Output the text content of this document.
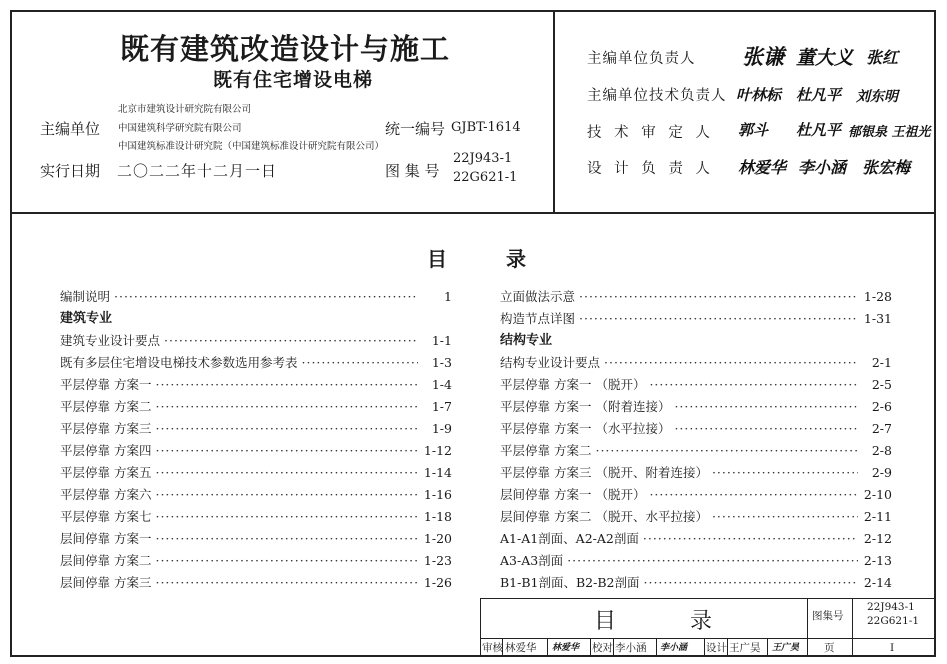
既有建筑改造设计与施工
既有住宅增设电梯
主编单位
北京市建筑设计研究院有限公司
中国建筑科学研究院有限公司
中国建筑标准设计研究院（中国建筑标准设计研究院有限公司）
实行日期 二〇二二年十二月一日
统一编号 GJBT-1614
图 集 号
22J943-1
22G621-1
主编单位负责人 张谦 董大义 张红
主编单位技术负责人 叶林标 杜凡平 刘东明
技 术 审 定 人 郭斗 杜凡平 郁银泉 王祖光
设 计 负 责 人 林爱华 李小涵 张宏梅
目	录
编制说明 ·····	1
建筑专业
建筑专业设计要点 ·····	1-1
既有多层住宅增设电梯技术参数选用参考表 ·····	1-3
平层停靠 方案一 ·····	1-4
平层停靠 方案二 ·····	1-7
平层停靠 方案三 ·····	1-9
平层停靠 方案四 ·····	1-12
平层停靠 方案五 ·····	1-14
平层停靠 方案六 ·····	1-16
平层停靠 方案七 ·····	1-18
层间停靠 方案一 ·····	1-20
层间停靠 方案二 ·····	1-23
层间停靠 方案三 ·····	1-26
立面做法示意 ·····	1-28
构造节点详图 ·····	1-31
结构专业
结构专业设计要点 ·····	2-1
平层停靠 方案一 （脱开） ·····	2-5
平层停靠 方案一 （附着连接） ·····	2-6
平层停靠 方案一 （水平拉接） ·····	2-7
平层停靠 方案二 ·····	2-8
平层停靠 方案三 （脱开、附着连接） ·····	2-9
层间停靠 方案一 （脱开） ·····	2-10
层间停靠 方案二 （脱开、水平拉接） ·····	2-11
A1-A1剖面、A2-A2剖面 ·····	2-12
A3-A3剖面 ·····	2-13
B1-B1剖面、B2-B2剖面 ·····	2-14
目	录	图集号
22J943-1
22G621-1
审核 林爱华 林爱华 校对 李小涵 李小涵 设计 王广昊 王广昊 页	I
